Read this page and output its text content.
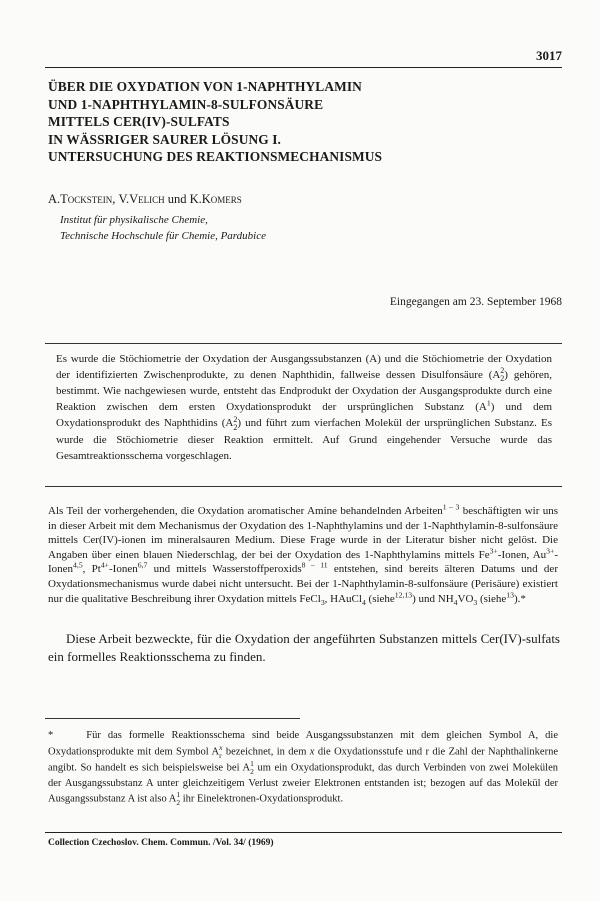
3017
ÜBER DIE OXYDATION VON 1-NAPHTHYLAMIN
UND 1-NAPHTHYLAMIN-8-SULFONSÄURE
MITTELS CER(IV)-SULFATS
IN WÄSSRIGER SAURER LÖSUNG I.
UNTERSUCHUNG DES REAKTIONSMECHANISMUS
A.Tockstein, V.Velich und K.Komers
Institut für physikalische Chemie,
Technische Hochschule für Chemie, Pardubice
Eingegangen am 23. September 1968
Es wurde die Stöchiometrie der Oxydation der Ausgangssubstanzen (A) und die Stöchiometrie der Oxydation der identifizierten Zwischenprodukte, zu denen Naphthidin, fallweise dessen Disulfonsäure (A 2
2 ) gehören, bestimmt. Wie nachgewiesen wurde, entsteht das Endprodukt der Oxydation der Ausgangsprodukte durch eine Reaktion zwischen dem ersten Oxydationsprodukt der ursprünglichen Substanz $(A^1)$ und dem Oxydationsprodukt des Naphthidins (A 2
2 ) und führt zum vierfachen Molekül der ursprünglichen Substanz. Es wurde die Stöchiometrie dieser Reaktion ermittelt. Auf Grund eingehender Versuche wurde das Gesamtreaktionsschema vorgeschlagen.

Als Teil der vorhergehenden, die Oxydation aromatischer Amine behandelnden Arbeiten$^{1 - 3}$ beschäftigten wir uns in dieser Arbeit mit dem Mechanismus der Oxydation des 1-Naphthylamins und der 1-Naphthylamin-8-sulfonsäure mittels Cer(IV)-ionen im mineralsauren Medium. Diese Frage wurde in der Literatur bisher nicht gelöst. Die Angaben über einen blauen Niederschlag, der bei der Oxydation des 1-Naphthylamins mittels $Fe^{3+}$-Ionen, $Au^{3+}-Ionen^{4,5}$, $Pt^{4+}-Ionen^{6,7}$ und mittels Wasserstoffperoxids$^{8 - 11}$ entstehen, sind bereits älteren Datums und der Oxydationsmechanismus wurde dabei nicht untersucht. Bei der 1-Naphthylamin-8-sulfonsäure (Perisäure) existiert nur die qualitative Beschreibung ihrer Oxydation mittels FeCl$_3$, HAuCl$_4$ (siehe$^{12,13}$) und $NH_4VO_3$ (siehe$^{13}$).*

Diese Arbeit bezweckte, für die Oxydation der angeführten Substanzen mittels Cer(IV)-sulfats ein formelles Reaktionsschema zu finden.

*	Für das formelle Reaktionsschema sind beide Ausgangssubstanzen mit dem gleichen Symbol A, die Oxydationsprodukte mit dem Symbol A x
r bezeichnet, in dem x die Oxydationsstufe und r die Zahl der Naphthalinkerne angibt. So handelt es sich beispielsweise bei A 1
2 um ein Oxydationsprodukt, das durch Verbinden von zwei Molekülen der Ausgangssubstanz A unter gleichzeitigem Verlust zweier Elektronen entstanden ist; bezogen auf das Molekül der Ausgangssubstanz A ist also A 1
2 ihr Einelektronen-Oxydationsprodukt.

Collection Czechoslov. Chem. Commun. /Vol. 34/ (1969)
